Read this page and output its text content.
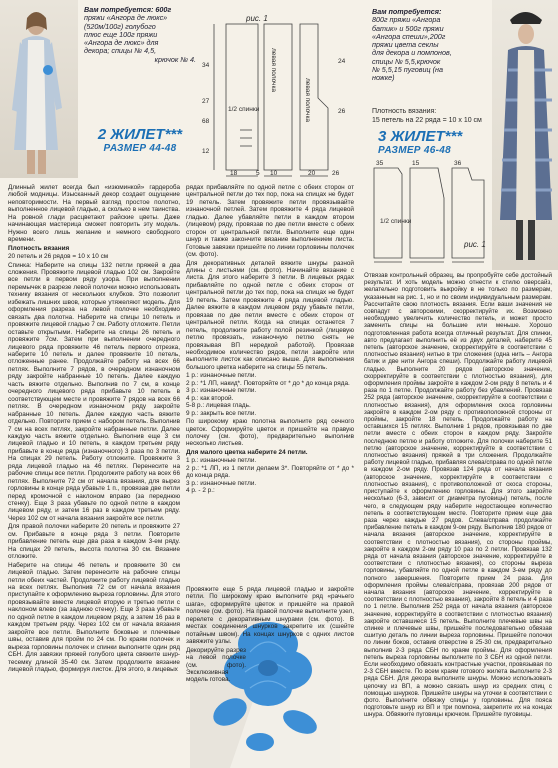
Вам потребуется: 600г
пряжи «Ангора де люкс»
(520м/100г) голубого
плюс еще 100г пряжи
«Ангора де люкс» для
декора; спицы № 4,5,
крючок № 4.
2 ЖИЛЕТ***
РАЗМЕР 44-48
рис. 1
34
27
68
12
18	5 10
24
26
20	26
1/2 спинки
левая полочка
левая полочка
Вам потребуется:
800г пряжи «Ангора
батик» и 500г пряжи
«Ангора спеши»,200г
пряжи цвета секлы
для декора и помпонов,
спицы № 5,5,крючок
№ 5,5,15 пуговиц (на
ножке)
Плотность вязания:
15 петель на 22 ряда = 10 х 10 см
3 ЖИЛЕТ***
РАЗМЕР 46-48
35	15	36
1/2 спинки
рис. 1

Длинный жилет всегда был «изюминкой» гардероба любой модницы. Изысканный декор создает ощущение неповторимости. На первый взгляд простое полотно, выполненное лицевой гладью, а сколько в нем таинства. На ровной глади расцветают райские цветы. Даже начинающая мастерица сможет повторить эту модель. Нужно всего лишь желание и немного свободного времени.

Плотность вязания

20 петель и 26 рядов = 10 х 10 см

Спинка: Наберите на спицы 132 петли пряжей в два сложения. Провяжите лицевой гладью 102 см. Закройте все петли в первом ряду узора. При выполнении перемычек в разрезе левой полочки можно использовать технику вязания от нескольких клубков. Это позволит избежать лишних швов, которые утяжеляют модель. Для оформления разреза на левой полочке необходимо связать два полотна. Наберите на спицы 10 петель и провяжите лицевой гладью 7 см. Работу отложите. Петли оставьте открытыми. Наберите на спицы 26 петель и провяжите 7см. Затем при выполнении очередного лицевого ряда провяжите 46 петель первого отрезка, наберите 10 петель и далее провяжите 10 петель, отложенные ранее. Продолжайте работу на всех 66 петлях. Выполните 7 рядов, в очередном изнаночном ряду закройте набранные 10 петель. Далее каждую часть вяжите отдельно. Выполнив по 7 см, в конце очередного лицевого ряда прибавьте 10 петель в соответствующем месте и провяжите 7 рядов на всех 66 петлях. В очередном изнаночном ряду закройте набранные 10 петель. Далее каждую часть вяжите отдельно. Повторите прием с набором петель. Выполнив 7 см на всех петлях, закройте набранные петли. Далее каждую часть вяжите отдельно. Выполнив еще 3 см лицевой гладью и 10 петель, в каждом третьем ряду прибавьте в конце ряда (изнаночного) 3 раза по 3 петли. На спицах 29 петель. Работу отложите. Провяжите 3 ряда лицевой гладью на 46 петлях. Перенесите на рабочие спицы все петли. Продолжите работу на всех 66 петлях. Выполните 72 см от начала вязания, для вырез горловины в конце ряда убавьте 1 п., провязав две петли перед кромочной с наклоном вправо (за переднюю стенку). Еще 3 раза убавьте по одной петле в каждом лицевом ряду, и затем 16 раз в каждом третьем ряду. Через 102 см от начала вязания закройте все петли.

Для правой полочки наберите 20 петель и провяжите 27 см. Прибавьте в конце ряда 3 петли. Повторите прибавление петель еще два раза в каждом 3-ем ряду. На спицах 29 петель, высота полотна 30 см. Вязание отложите.

Наберите на спицы 46 петель и провяжите 30 см лицевой гладью. Затем перенесите на рабочие спицы петли обеих частей. Продолжите работу лицевой гладью на всех петлях. Выполнив 72 см от начала вязания приступайте к оформлению выреза горловины. Для этого провязывайте вместе лицевой вторую и третью петли с наклоном влево (за заднюю стенку). Еще 3 раза убавьте по одной петле в каждом лицевом ряду, а затем 16 раз в каждом третьем ряду. Через 102 см от начала вязания закройте все петли. Выполните боковые и плечевые швы, оставив для пройм по 24 см. По краям полочек и выреза горловины полочек и спинки выполните один ряд СБН. Для завязки пряжей голубого цвета свяжите шнур-тесемку длиной 35-40 см. Затем продолжите вязание лицевой гладью, формируя листок. Для этого, в лицевых

рядах прибавляйте по одной петле с обеих сторон от центральной петли до тех пор, пока на спицах не будет 19 петель. Затем провяжите петли провязывайте изнаночной петлей. Затем провяжите 4 ряда лицевой гладью. Далее убавляйте петли в каждом втором (лицевом) ряду, провязав по две петли вместе с обеих сторон от центральной петли. Выполните еще один шнур и также закончите вязание выполнением листа. Готовые завязки пришейте по линии горловины полочек (см. фото).

Для декоративных деталей вяжите шнуры разной длины с листьями (см. фото). Начинайте вязание с листа. Для этого наберите 3 петли. В лицевых рядах прибавляйте по одной петле с обеих сторон от центральной петли до тех пор, пока на спицах не будет 19 петель. Затем провяжите 4 ряда лицевой гладью. Далее вяжите в каждом лицевом ряду убавьте петли, провязав по две петли вместе с обеих сторон от центральной петли. Когда на спицах останется 7 петель, продолжите работу полой резинкой (лицевую петлю провязать, изнаночную петлю снять не провязывая ВП нередкой работой). Провязав необходимое количество рядов, петли закройте или выполните листок как описано выше. Для выполнения большого цветка наберите на спицы 55 петель.

1 р.: изнаночные петли.

2 р.: *1 ЛП, накид*. Повторяйте от * до * до конца ряда.

3 р.: изнаночные петли.

4 р.: как второй.

5-8 р.: лицевая гладь.

9 р.: закрыть все петли.

По широкому краю полотна выполните ряд сечного цветок. Сформируйте цветок и пришейте на правую полочку (см. фото), предварительно выполнив несколько листьев.

Для малого цветка наберите 24 петли.

1 р.: изнаночные петли.

2 р.: *1 ЛП, из 1 петли делаем 3*. Повторяйте от * до * до конца ряда.

3 р.: изнаночные петли.

4 р. - 2 р.:

Провяжите еще 5 ряда лицевой гладью и закройте петли. По широкому краю выполните ряд «рачьего шага», сформируйте цветок и пришейте на правой полочке (см. фото). На правой полочке выполните узел, перелете с декоративным шнурами (см. фото). В местах соединения шнурков закрепите их (сшейте потайным швом). На концах шнурков с одних листов завяжите узлы.

Декорируйте разрез на левой полочке (см. фото). Эксклюзивная модель готова.

Отвязав контрольный образец, вы пропробуйте себе достойный результат. И хоть модель можно отнести к стилю оверсайз, желательно подготовить выкройку в не только по размерам, указанным на рис. 1, но и по своим индивидуальным размерам. Рассчитайте свою плотность вязания. Если ваши значения не совпадут с авторскими, скорректируйте их. Возможно необходимо увеличить количество петель, и может просто заменить спицы на большие или меньше. Хорошо подготовленная работа всегда отличный результат. Для спинки, авто предлагает выполнить её из двух деталей, наберите 45 петель (авторское значение, скорректируйте в соответствии с плотностью вязания) нитью в три сложения (одна нить – Ангора батик и две нити Ангора спеши). Продолжайте работу лицевой гладью. Выполните 20 рядов (авторское значение, скорректируйте в соответствии с плотностью вязания), для оформления проймы закройте в каждом 2-ом ряду 8 петель и 4 раза по 1 петле. Продолжайте работу без убавлений. Провязав 252 ряда (авторское значение, скорректируйте в соответствии с плотностью вязания), для оформления скоса горловины закройте в каждом 2-ом ряду с противоположной стороны от проймы, закройте 18 петель. Продолжайте работу на оставшихся 15 петлях. Выполнив 1 рядов, провязывая по две петли вместе с обеих сторон в каждом ряду. Закройте последнюю петлю и работу отложите. Для полочки наберите 51 петлю (авторское значение, корректируйте в соответствии с плотностью вязания) пряжей в три сложения. Продолжайте работу лицевой гладью, прибавляя слева/справа по одной петле в каждом 2-ом ряду. Провязав 124 ряда от начала вязания (авторское значение, корректируйте в соответствии с плотностью вязания), с противоположной от скоса стороны, приступайте к оформлению горловины. Для этого закройте несколько (6-3, зависит от диаметра пуговицы) петель, после чего, в следующем ряду наберите недостающее количество петель в соответствующем месте. Повторите прием еще два раза через каждые 27 рядов. Слева/справа продолжайте прибавление петель в каждом 9-ом ряду. Выполнив 180 рядов от начала вязания (авторское значение, корректируйте в соответствии с плотностью вязания), со стороны проймы, закройте в каждом 2-ом ряду 10 раз по 2 петли. Провязав 132 ряда от начала вязания (авторское значение, корректируйте в соответствии с плотностью вязания), со стороны выреза горловины, убавляйте по одной петле в каждом 3-ем ряду до полного завершения. Повторите прием 24 раза. Для оформления проймы слева/справа, провязав 200 рядов от начала вязания (авторское значение, корректируйте в соответствии с плотностью вязания), закройте 8 петель и 4 раза по 1 петле. Выполнив 252 ряда от начала вязания (авторское значение, корректируйте в соответствии с плотностью вязания) закройте оставшиеся 15 петель. Выполните плечевые швы на спинке и плечевые швы, пришейте последовательно обвязав сшитую деталь по линии выреза горловины. Пришейте полочки по линии боков, оставив отверстие в 25-30 см, предварительно выполнив 2-3 ряда СБН по краям проймы. Для оформления петель выреза горловины выполните по 3 СБН из одной петли. Если необходимо обвязать контрастные участки, провязывая по 2-3 СБН вместе. По всем краям готового жилета выполните 2-3 ряда СБН. Для декора выполните шнуры. Можно использовать цепочку из ВП, а можно связать шнур из средних спиц с помощью шнурков. Пришейте шнуры на уточки в соответствии с фото. Выполните обвязку спицы у горловины. Для пояса подготовьте шнур из ВП и три помпона, закрепите их на концах шнура. Обвяжите пуговицы крючком. Пришейте пуговицы.
